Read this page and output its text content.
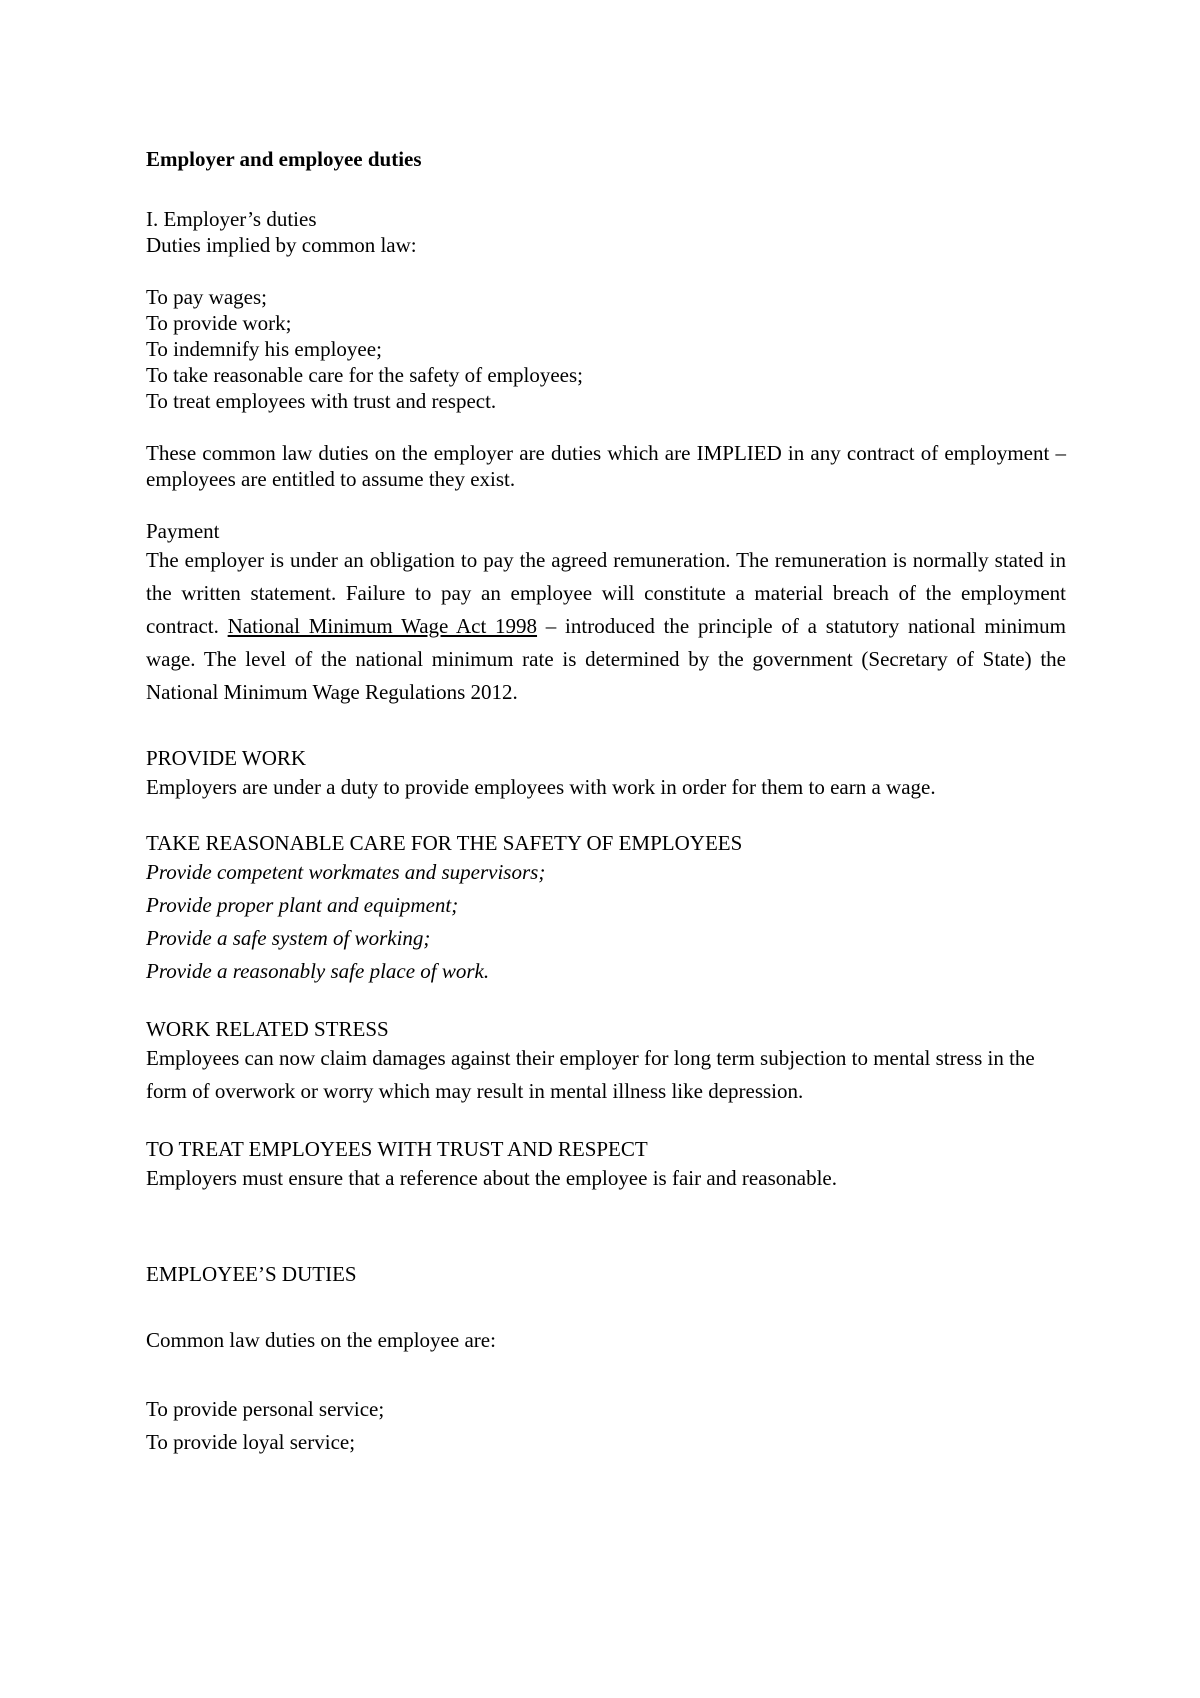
Employer and employee duties

I. Employer’s duties

Duties implied by common law:

To pay wages;

To provide work;

To indemnify his employee;

To take reasonable care for the safety of employees;

To treat employees with trust and respect.

These common law duties on the employer are duties which are IMPLIED in any contract of employment – employees are entitled to assume they exist.

Payment

The employer is under an obligation to pay the agreed remuneration. The remuneration is normally stated in the written statement. Failure to pay an employee will constitute a material breach of the employment contract. National Minimum Wage Act 1998 – introduced the principle of a statutory national minimum wage. The level of the national minimum rate is determined by the government (Secretary of State) the National Minimum Wage Regulations 2012.

PROVIDE WORK

Employers are under a duty to provide employees with work in order for them to earn a wage.

TAKE REASONABLE CARE FOR THE SAFETY OF EMPLOYEES

Provide competent workmates and supervisors;

Provide proper plant and equipment;

Provide a safe system of working;

Provide a reasonably safe place of work.

WORK RELATED STRESS

Employees can now claim damages against their employer for long term subjection to mental stress in the form of overwork or worry which may result in mental illness like depression.

TO TREAT EMPLOYEES WITH TRUST AND RESPECT

Employers must ensure that a reference about the employee is fair and reasonable.

EMPLOYEE’S DUTIES

Common law duties on the employee are:

To provide personal service;

To provide loyal service;
